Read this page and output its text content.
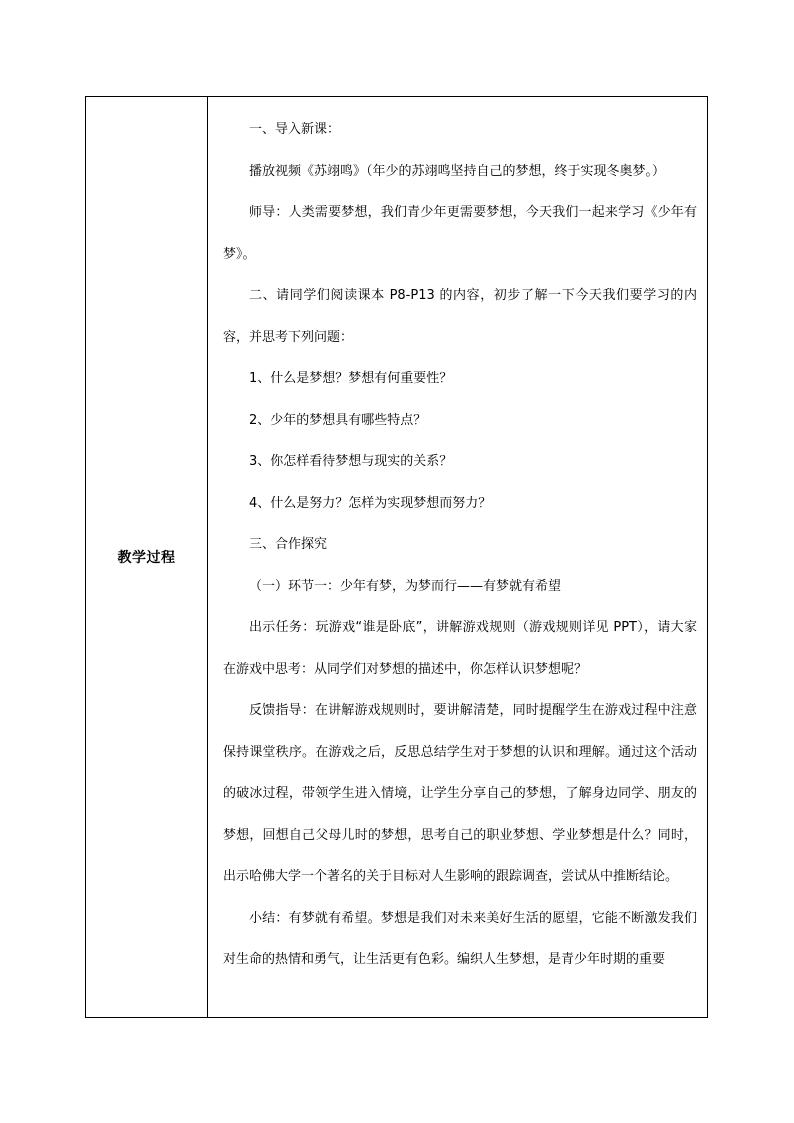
教学过程	

一、导入新课：

播放视频《苏翊鸣》（年少的苏翊鸣坚持自己的梦想，终于实现冬奥梦。）

师导：人类需要梦想，我们青少年更需要梦想，今天我们一起来学习《少年有梦》。

二、请同学们阅读课本 P8-P13 的内容，初步了解一下今天我们要学习的内容，并思考下列问题：

1、什么是梦想？梦想有何重要性？

2、少年的梦想具有哪些特点？

3、你怎样看待梦想与现实的关系？

4、什么是努力？怎样为实现梦想而努力？

三、合作探究

（一）环节一：少年有梦，为梦而行——有梦就有希望

出示任务：玩游戏“谁是卧底”，讲解游戏规则（游戏规则详见 PPT），请大家在游戏中思考：从同学们对梦想的描述中，你怎样认识梦想呢？

反馈指导：在讲解游戏规则时，要讲解清楚，同时提醒学生在游戏过程中注意保持课堂秩序。在游戏之后，反思总结学生对于梦想的认识和理解。通过这个活动的破冰过程，带领学生进入情境，让学生分享自己的梦想，了解身边同学、朋友的梦想，回想自己父母儿时的梦想，思考自己的职业梦想、学业梦想是什么？同时，出示哈佛大学一个著名的关于目标对人生影响的跟踪调查，尝试从中推断结论。

小结：有梦就有希望。梦想是我们对未来美好生活的愿望，它能不断激发我们对生命的热情和勇气，让生活更有色彩。编织人生梦想，是青少年时期的重要
